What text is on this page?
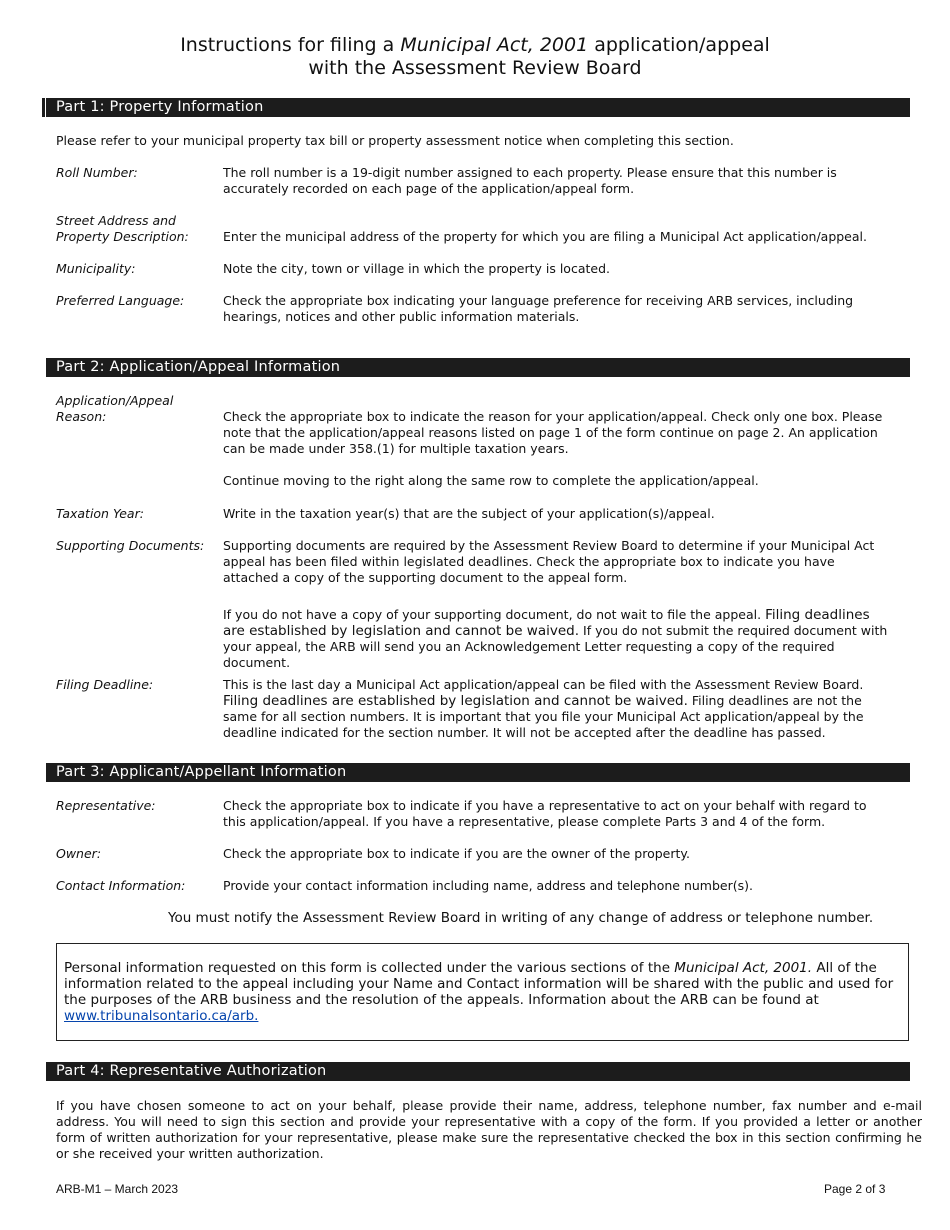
Instructions for filing a Municipal Act, 2001 application/appeal
with the Assessment Review Board
Part 1: Property Information
Please refer to your municipal property tax bill or property assessment notice when completing this section.
Roll Number:	The roll number is a 19-digit number assigned to each property. Please ensure that this number is accurately recorded on each page of the application/appeal form.
Street Address and
Property Description:	Enter the municipal address of the property for which you are filing a Municipal Act application/appeal.
Municipality:	Note the city, town or village in which the property is located.
Preferred Language:	Check the appropriate box indicating your language preference for receiving ARB services, including hearings, notices and other public information materials.
Part 2: Application/Appeal Information
Application/Appeal
Reason:	Check the appropriate box to indicate the reason for your application/appeal. Check only one box. Please note that the application/appeal reasons listed on page 1 of the form continue on page 2. An application can be made under 358.(1) for multiple taxation years.
Continue moving to the right along the same row to complete the application/appeal.
Taxation Year:	Write in the taxation year(s) that are the subject of your application(s)/appeal.
Supporting Documents:	Supporting documents are required by the Assessment Review Board to determine if your Municipal Act appeal has been filed within legislated deadlines. Check the appropriate box to indicate you have attached a copy of the supporting document to the appeal form.
If you do not have a copy of your supporting document, do not wait to file the appeal. Filing deadlines are established by legislation and cannot be waived. If you do not submit the required document with your appeal, the ARB will send you an Acknowledgement Letter requesting a copy of the required document.
Filing Deadline:	This is the last day a Municipal Act application/appeal can be filed with the Assessment Review Board. Filing deadlines are established by legislation and cannot be waived. Filing deadlines are not the same for all section numbers. It is important that you file your Municipal Act application/appeal by the deadline indicated for the section number. It will not be accepted after the deadline has passed.
Part 3: Applicant/Appellant Information
Representative:	Check the appropriate box to indicate if you have a representative to act on your behalf with regard to this application/appeal. If you have a representative, please complete Parts 3 and 4 of the form.
Owner:	Check the appropriate box to indicate if you are the owner of the property.
Contact Information:	Provide your contact information including name, address and telephone number(s).
You must notify the Assessment Review Board in writing of any change of address or telephone number.
Personal information requested on this form is collected under the various sections of the Municipal Act, 2001. All of the information related to the appeal including your Name and Contact information will be shared with the public and used for the purposes of the ARB business and the resolution of the appeals. Information about the ARB can be found at www.tribunalsontario.ca/arb.
Part 4: Representative Authorization
If you have chosen someone to act on your behalf, please provide their name, address, telephone number, fax number and e-mail address. You will need to sign this section and provide your representative with a copy of the form. If you provided a letter or another form of written authorization for your representative, please make sure the representative checked the box in this section confirming he or she received your written authorization.
ARB-M1 – March 2023	Page 2 of 3
